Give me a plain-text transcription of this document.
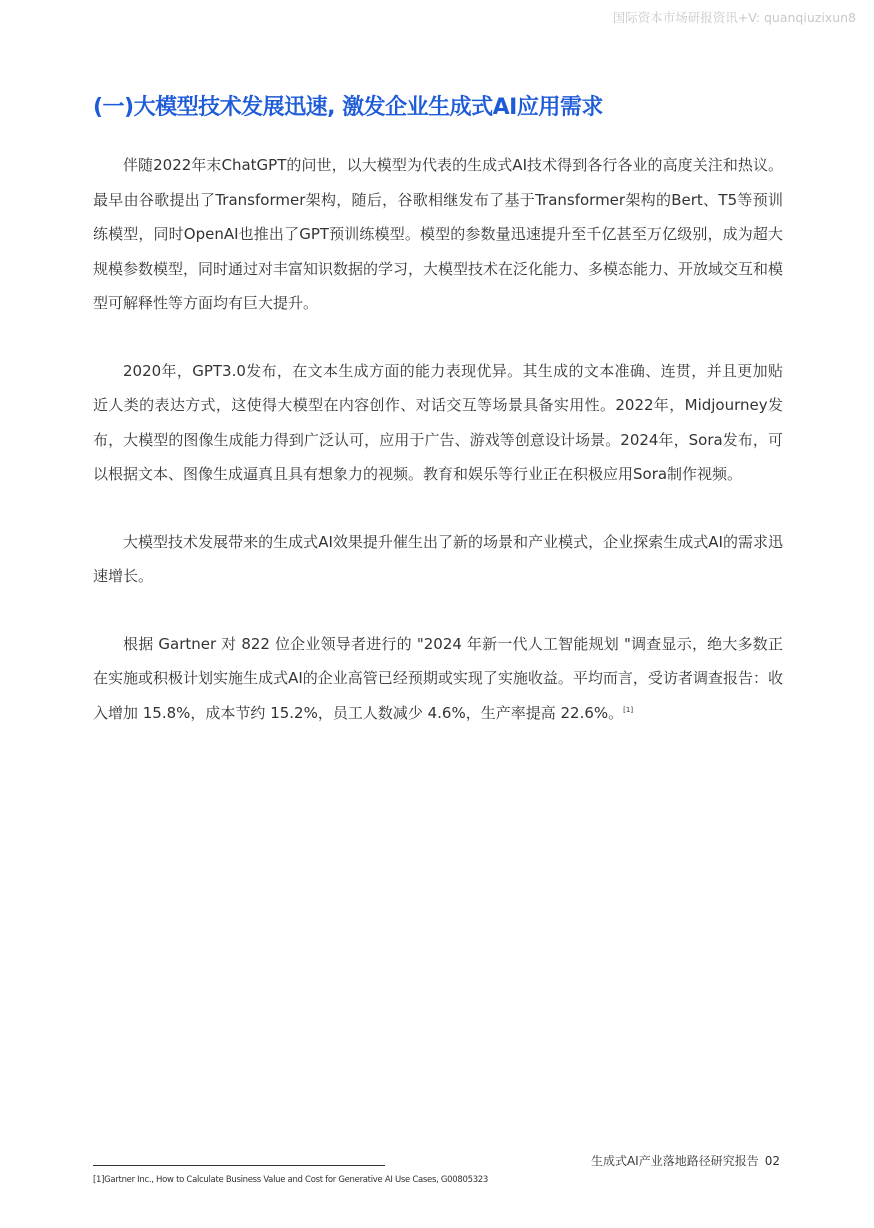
国际资本市场研报资讯+V: quanqiuzixun8
(一)大模型技术发展迅速, 激发企业生成式AI应用需求

伴随2022年末ChatGPT的问世，以大模型为代表的生成式AI技术得到各行各业的高度关注和热议。最早由谷歌提出了Transformer架构，随后，谷歌相继发布了基于Transformer架构的Bert、T5等预训练模型，同时OpenAI也推出了GPT预训练模型。模型的参数量迅速提升至千亿甚至万亿级别，成为超大规模参数模型，同时通过对丰富知识数据的学习，大模型技术在泛化能力、多模态能力、开放域交互和模型可解释性等方面均有巨大提升。

2020年，GPT3.0发布，在文本生成方面的能力表现优异。其生成的文本准确、连贯，并且更加贴近人类的表达方式，这使得大模型在内容创作、对话交互等场景具备实用性。2022年，Midjourney发布，大模型的图像生成能力得到广泛认可，应用于广告、游戏等创意设计场景。2024年，Sora发布，可以根据文本、图像生成逼真且具有想象力的视频。教育和娱乐等行业正在积极应用Sora制作视频。

大模型技术发展带来的生成式AI效果提升催生出了新的场景和产业模式，企业探索生成式AI的需求迅速增长。

根据 Gartner 对 822 位企业领导者进行的 "2024 年新一代人工智能规划 "调查显示，绝大多数正在实施或积极计划实施生成式AI的企业高管已经预期或实现了实施收益。平均而言，受访者调查报告：收入增加 15.8%，成本节约 15.2%，员工人数减少 4.6%，生产率提高 22.6%。[1]

生成式AI产业落地路径研究报告 02
[1]Gartner Inc., How to Calculate Business Value and Cost for Generative AI Use Cases, G00805323
